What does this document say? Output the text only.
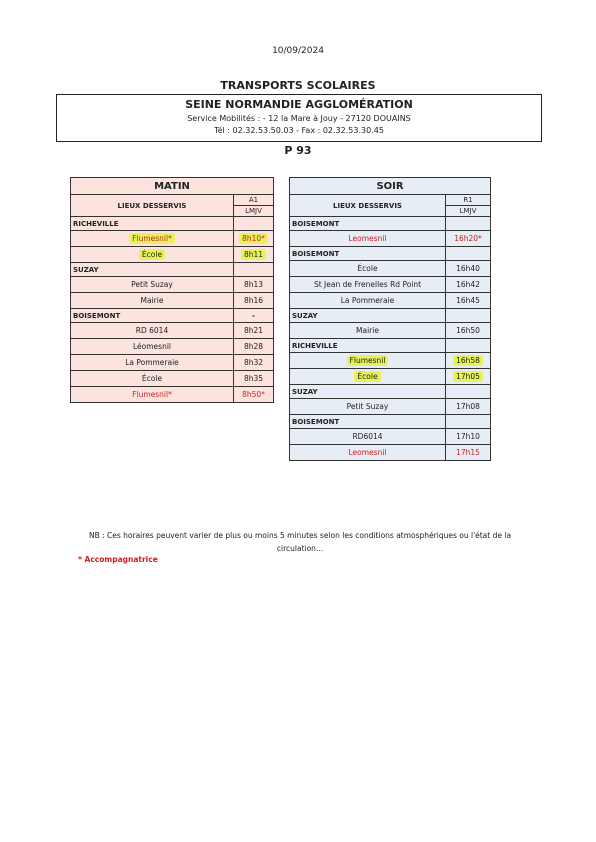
10/09/2024
TRANSPORTS SCOLAIRES
SEINE NORMANDIE AGGLOMÉRATION
Service Mobilités : - 12 la Mare à Jouy - 27120 DOUAINS
Tél : 02.32.53.50.03 - Fax : 02.32.53.30.45
P 93
MATIN	
LIEUX DESSERVIS	A1
	LMJV
RICHEVILLE	
Flumesnil*	8h10*
École	8h11
SUZAY	
Petit Suzay	8h13
Mairie	8h16
BOISEMONT	-
RD 6014	8h21
Léomesnil	8h28
La Pommeraie	8h32
École	8h35
Flumesnil*	8h50*
SOIR	
LIEUX DESSERVIS	R1
	LMJV
BOISEMONT	
Leomesnil	16h20*
BOISEMONT	
École	16h40
St Jean de Frenelles Rd Point	16h42
La Pommeraie	16h45
SUZAY	
Mairie	16h50
RICHEVILLE	
Flumesnil	16h58
École	17h05
SUZAY	
Petit Suzay	17h08
BOISEMONT	
RD6014	17h10
Leomesnil	17h15
NB : Ces horaires peuvent varier de plus ou moins 5 minutes selon les conditions atmosphériques ou l'état de la circulation...
* Accompagnatrice
